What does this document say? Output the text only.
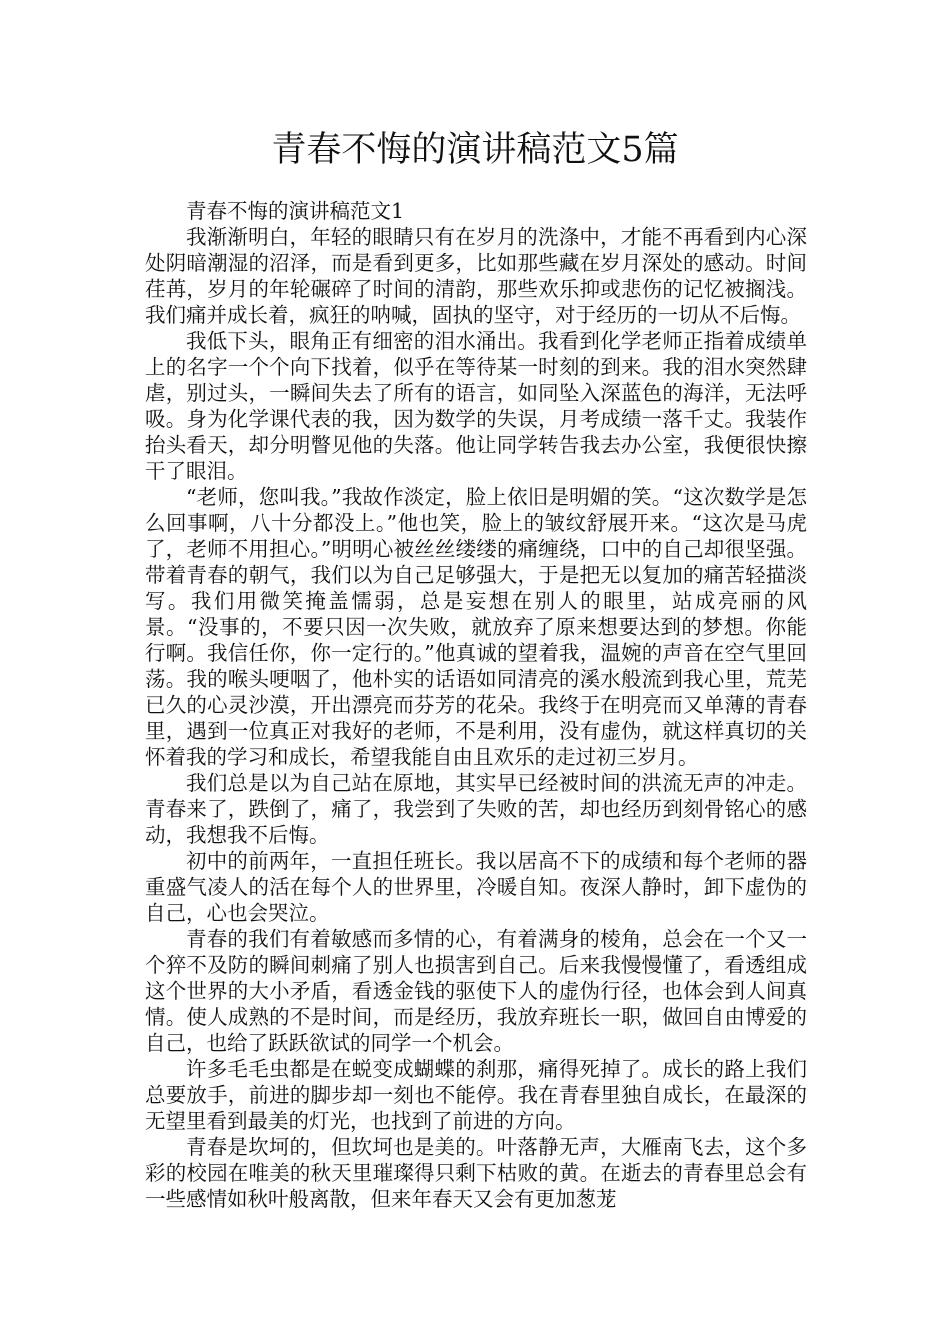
青春不悔的演讲稿范文5篇

青春不悔的演讲稿范文1

我渐渐明白，年轻的眼睛只有在岁月的洗涤中，才能不再看到内心深处阴暗潮湿的沼泽，而是看到更多，比如那些藏在岁月深处的感动。时间荏苒，岁月的年轮碾碎了时间的清韵，那些欢乐抑或悲伤的记忆被搁浅。我们痛并成长着，疯狂的呐喊，固执的坚守，对于经历的一切从不后悔。

我低下头，眼角正有细密的泪水涌出。我看到化学老师正指着成绩单上的名字一个个向下找着，似乎在等待某一时刻的到来。我的泪水突然肆虐，别过头，一瞬间失去了所有的语言，如同坠入深蓝色的海洋，无法呼吸。身为化学课代表的我，因为数学的失误，月考成绩一落千丈。我装作抬头看天，却分明瞥见他的失落。他让同学转告我去办公室，我便很快擦干了眼泪。

“老师，您叫我。”我故作淡定，脸上依旧是明媚的笑。“这次数学是怎么回事啊，八十分都没上。”他也笑，脸上的皱纹舒展开来。“这次是马虎了，老师不用担心。”明明心被丝丝缕缕的痛缠绕，口中的自己却很坚强。带着青春的朝气，我们以为自己足够强大，于是把无以复加的痛苦轻描淡写。我们用微笑掩盖懦弱，总是妄想在别人的眼里，站成亮丽的风景。“没事的，不要只因一次失败，就放弃了原来想要达到的梦想。你能行啊。我信任你，你一定行的。”他真诚的望着我，温婉的声音在空气里回荡。我的喉头哽咽了，他朴实的话语如同清亮的溪水般流到我心里，荒芜已久的心灵沙漠，开出漂亮而芬芳的花朵。我终于在明亮而又单薄的青春里，遇到一位真正对我好的老师，不是利用，没有虚伪，就这样真切的关怀着我的学习和成长，希望我能自由且欢乐的走过初三岁月。

我们总是以为自己站在原地，其实早已经被时间的洪流无声的冲走。青春来了，跌倒了，痛了，我尝到了失败的苦，却也经历到刻骨铭心的感动，我想我不后悔。

初中的前两年，一直担任班长。我以居高不下的成绩和每个老师的器重盛气凌人的活在每个人的世界里，冷暖自知。夜深人静时，卸下虚伪的自己，心也会哭泣。

青春的我们有着敏感而多情的心，有着满身的棱角，总会在一个又一个猝不及防的瞬间刺痛了别人也损害到自己。后来我慢慢懂了，看透组成这个世界的大小矛盾，看透金钱的驱使下人的虚伪行径，也体会到人间真情。使人成熟的不是时间，而是经历，我放弃班长一职，做回自由博爱的自己，也给了跃跃欲试的同学一个机会。

许多毛毛虫都是在蜕变成蝴蝶的刹那，痛得死掉了。成长的路上我们总要放手，前进的脚步却一刻也不能停。我在青春里独自成长，在最深的无望里看到最美的灯光，也找到了前进的方向。

青春是坎坷的，但坎坷也是美的。叶落静无声，大雁南飞去，这个多彩的校园在唯美的秋天里璀璨得只剩下枯败的黄。在逝去的青春里总会有一些感情如秋叶般离散，但来年春天又会有更加葱茏
